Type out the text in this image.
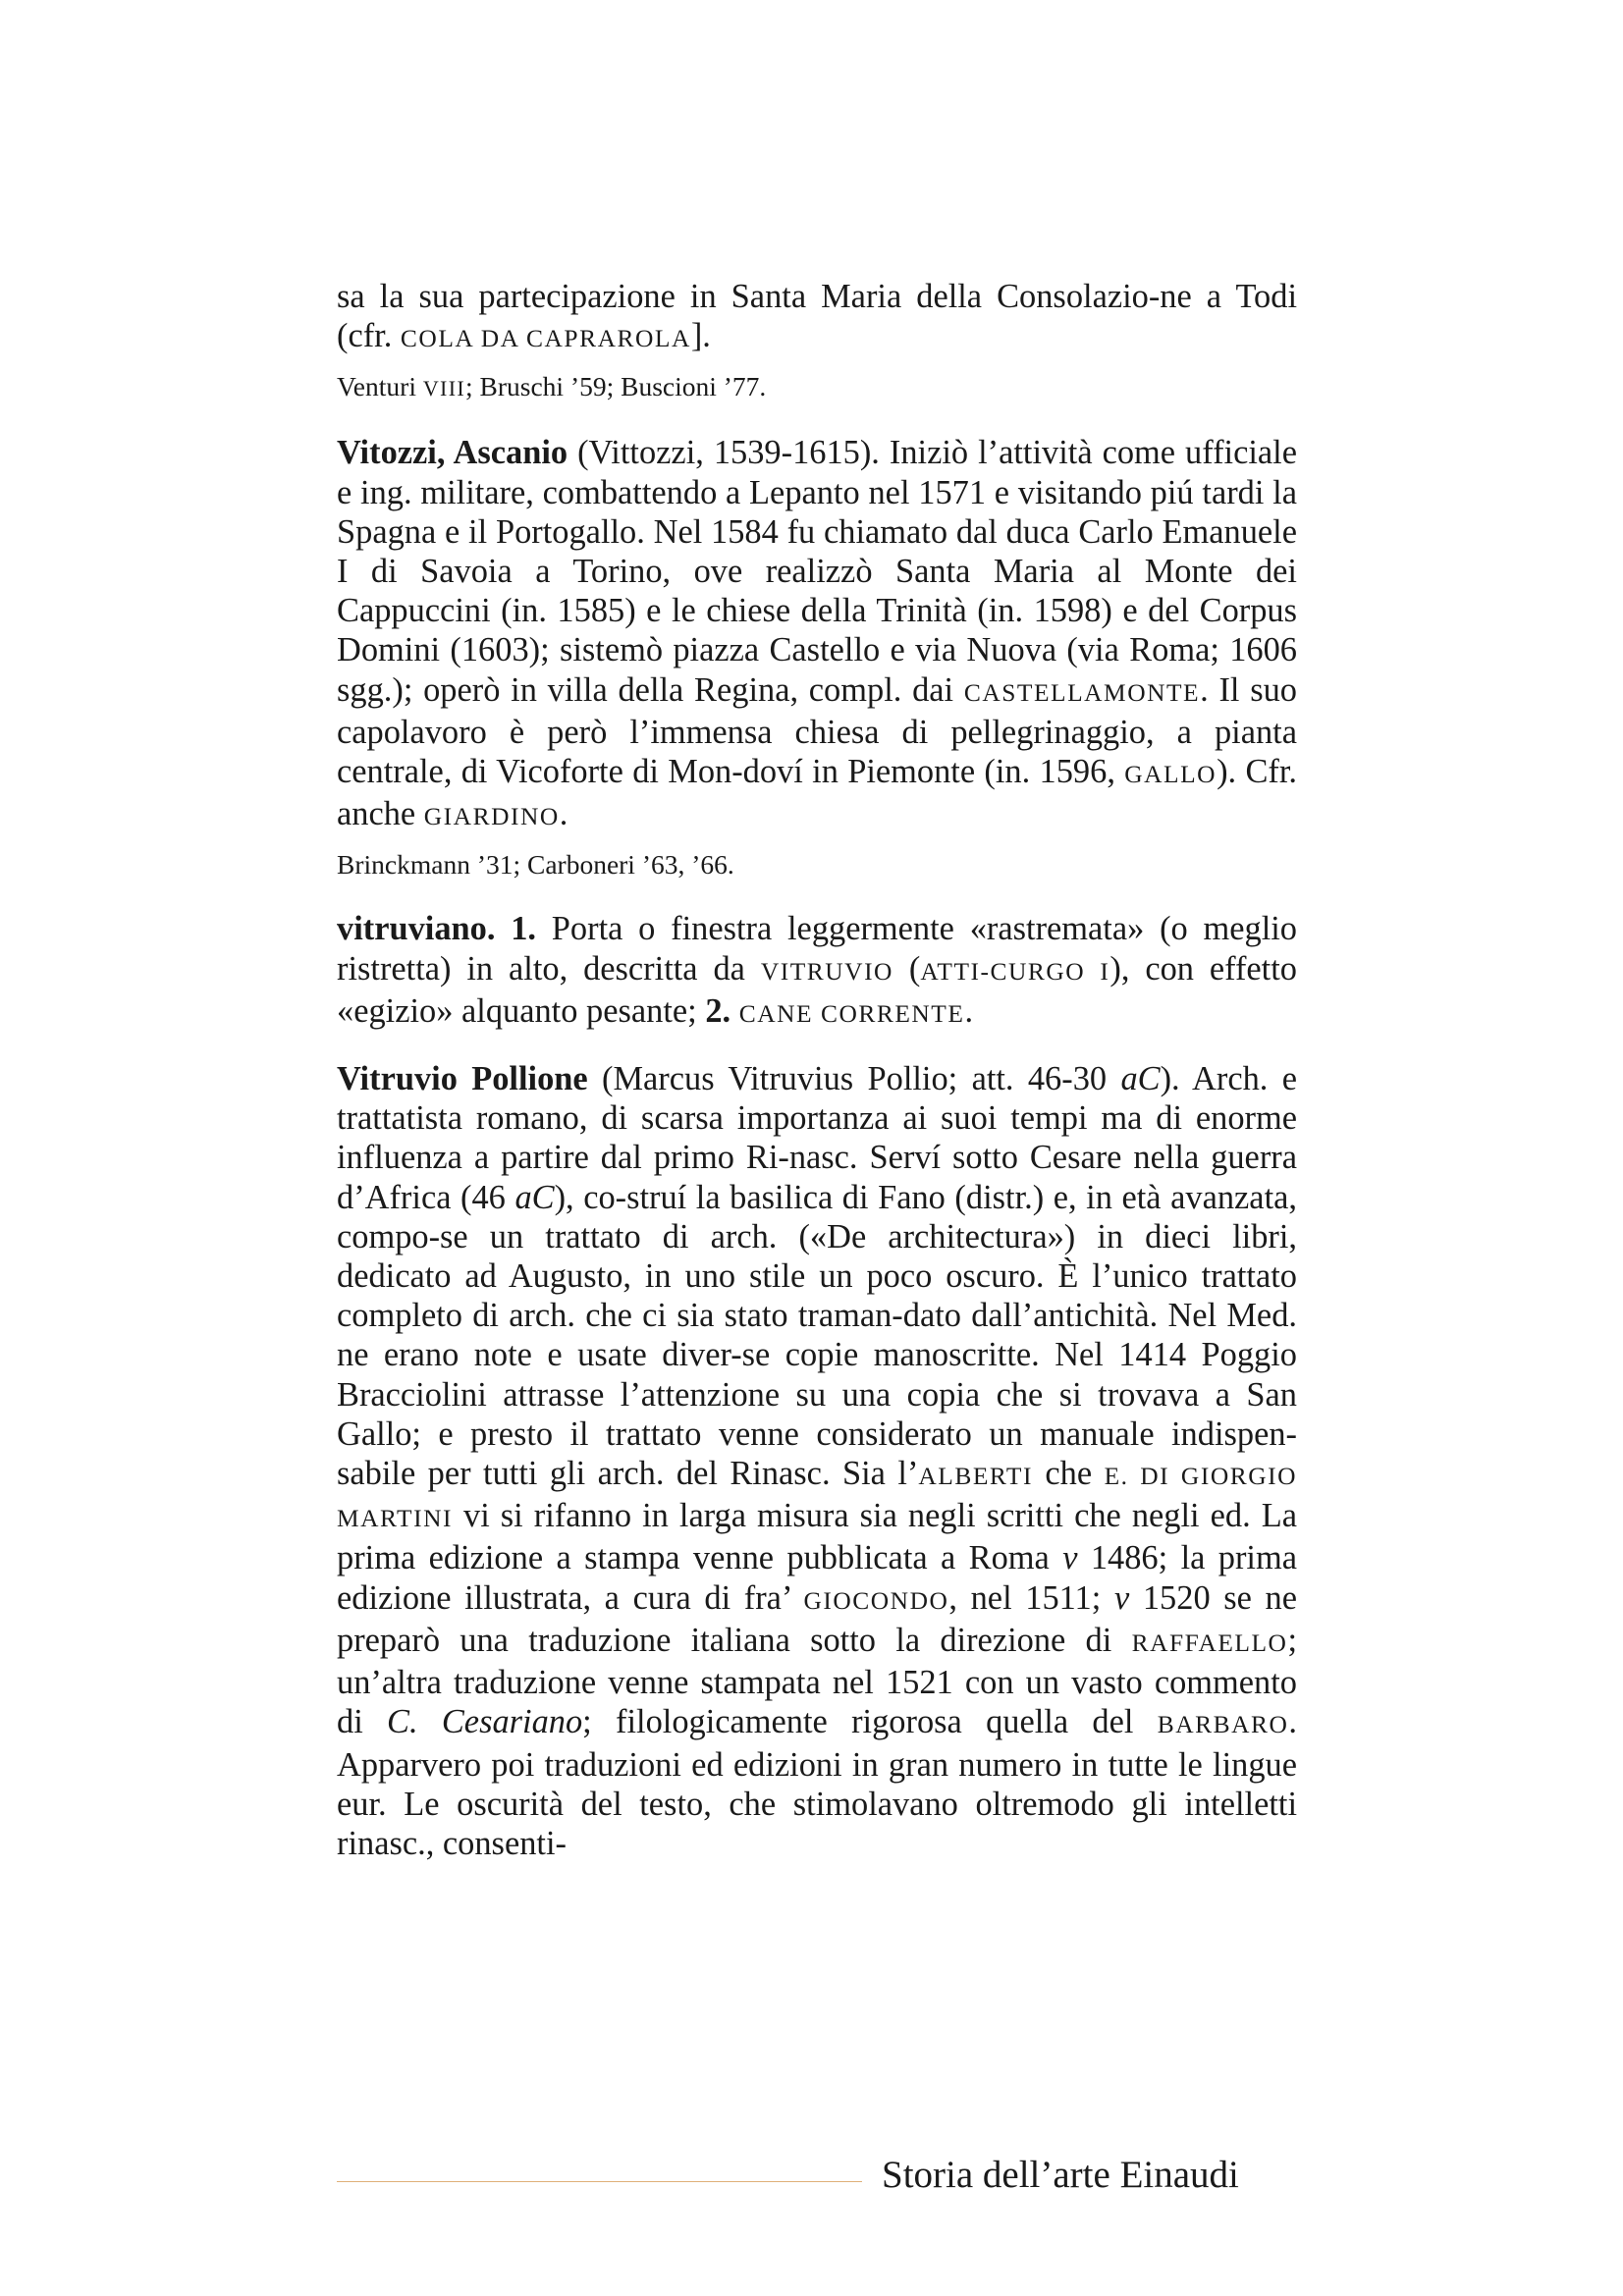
sa la sua partecipazione in Santa Maria della Consolazio-ne a Todi (cfr. COLA DA CAPRAROLA].

Venturi VIII; Bruschi ’59; Buscioni ’77.

Vitozzi, Ascanio (Vittozzi, 1539-1615). Iniziò l’attività come ufficiale e ing. militare, combattendo a Lepanto nel 1571 e visitando piú tardi la Spagna e il Portogallo. Nel 1584 fu chiamato dal duca Carlo Emanuele I di Savoia a Torino, ove realizzò Santa Maria al Monte dei Cappuccini (in. 1585) e le chiese della Trinità (in. 1598) e del Corpus Domini (1603); sistemò piazza Castello e via Nuova (via Roma; 1606 sgg.); operò in villa della Regina, compl. dai CASTELLAMONTE. Il suo capolavoro è però l’immensa chiesa di pellegrinaggio, a pianta centrale, di Vicoforte di Mon-doví in Piemonte (in. 1596, GALLO). Cfr. anche GIARDINO.

Brinckmann ’31; Carboneri ’63, ’66.

vitruviano. 1. Porta o finestra leggermente «rastremata» (o meglio ristretta) in alto, descritta da VITRUVIO (ATTI-CURGO I), con effetto «egizio» alquanto pesante; 2. CANE CORRENTE.

Vitruvio Pollione (Marcus Vitruvius Pollio; att. 46-30 aC). Arch. e trattatista romano, di scarsa importanza ai suoi tempi ma di enorme influenza a partire dal primo Ri-nasc. Serví sotto Cesare nella guerra d’Africa (46 aC), co-struí la basilica di Fano (distr.) e, in età avanzata, compo-se un trattato di arch. («De architectura») in dieci libri, dedicato ad Augusto, in uno stile un poco oscuro. È l’unico trattato completo di arch. che ci sia stato traman-dato dall’antichità. Nel Med. ne erano note e usate diver-se copie manoscritte. Nel 1414 Poggio Bracciolini attrasse l’attenzione su una copia che si trovava a San Gallo; e presto il trattato venne considerato un manuale indispen-sabile per tutti gli arch. del Rinasc. Sia l’ALBERTI che E. DI GIORGIO MARTINI vi si rifanno in larga misura sia negli scritti che negli ed. La prima edizione a stampa venne pubblicata a Roma v 1486; la prima edizione illustrata, a cura di fra’ GIOCONDO, nel 1511; v 1520 se ne preparò una traduzione italiana sotto la direzione di RAFFAELLO; un’altra traduzione venne stampata nel 1521 con un vasto commento di C. Cesariano; filologicamente rigorosa quella del BARBARO. Apparvero poi traduzioni ed edizioni in gran numero in tutte le lingue eur. Le oscurità del testo, che stimolavano oltremodo gli intelletti rinasc., consenti-

Storia dell’arte Einaudi
